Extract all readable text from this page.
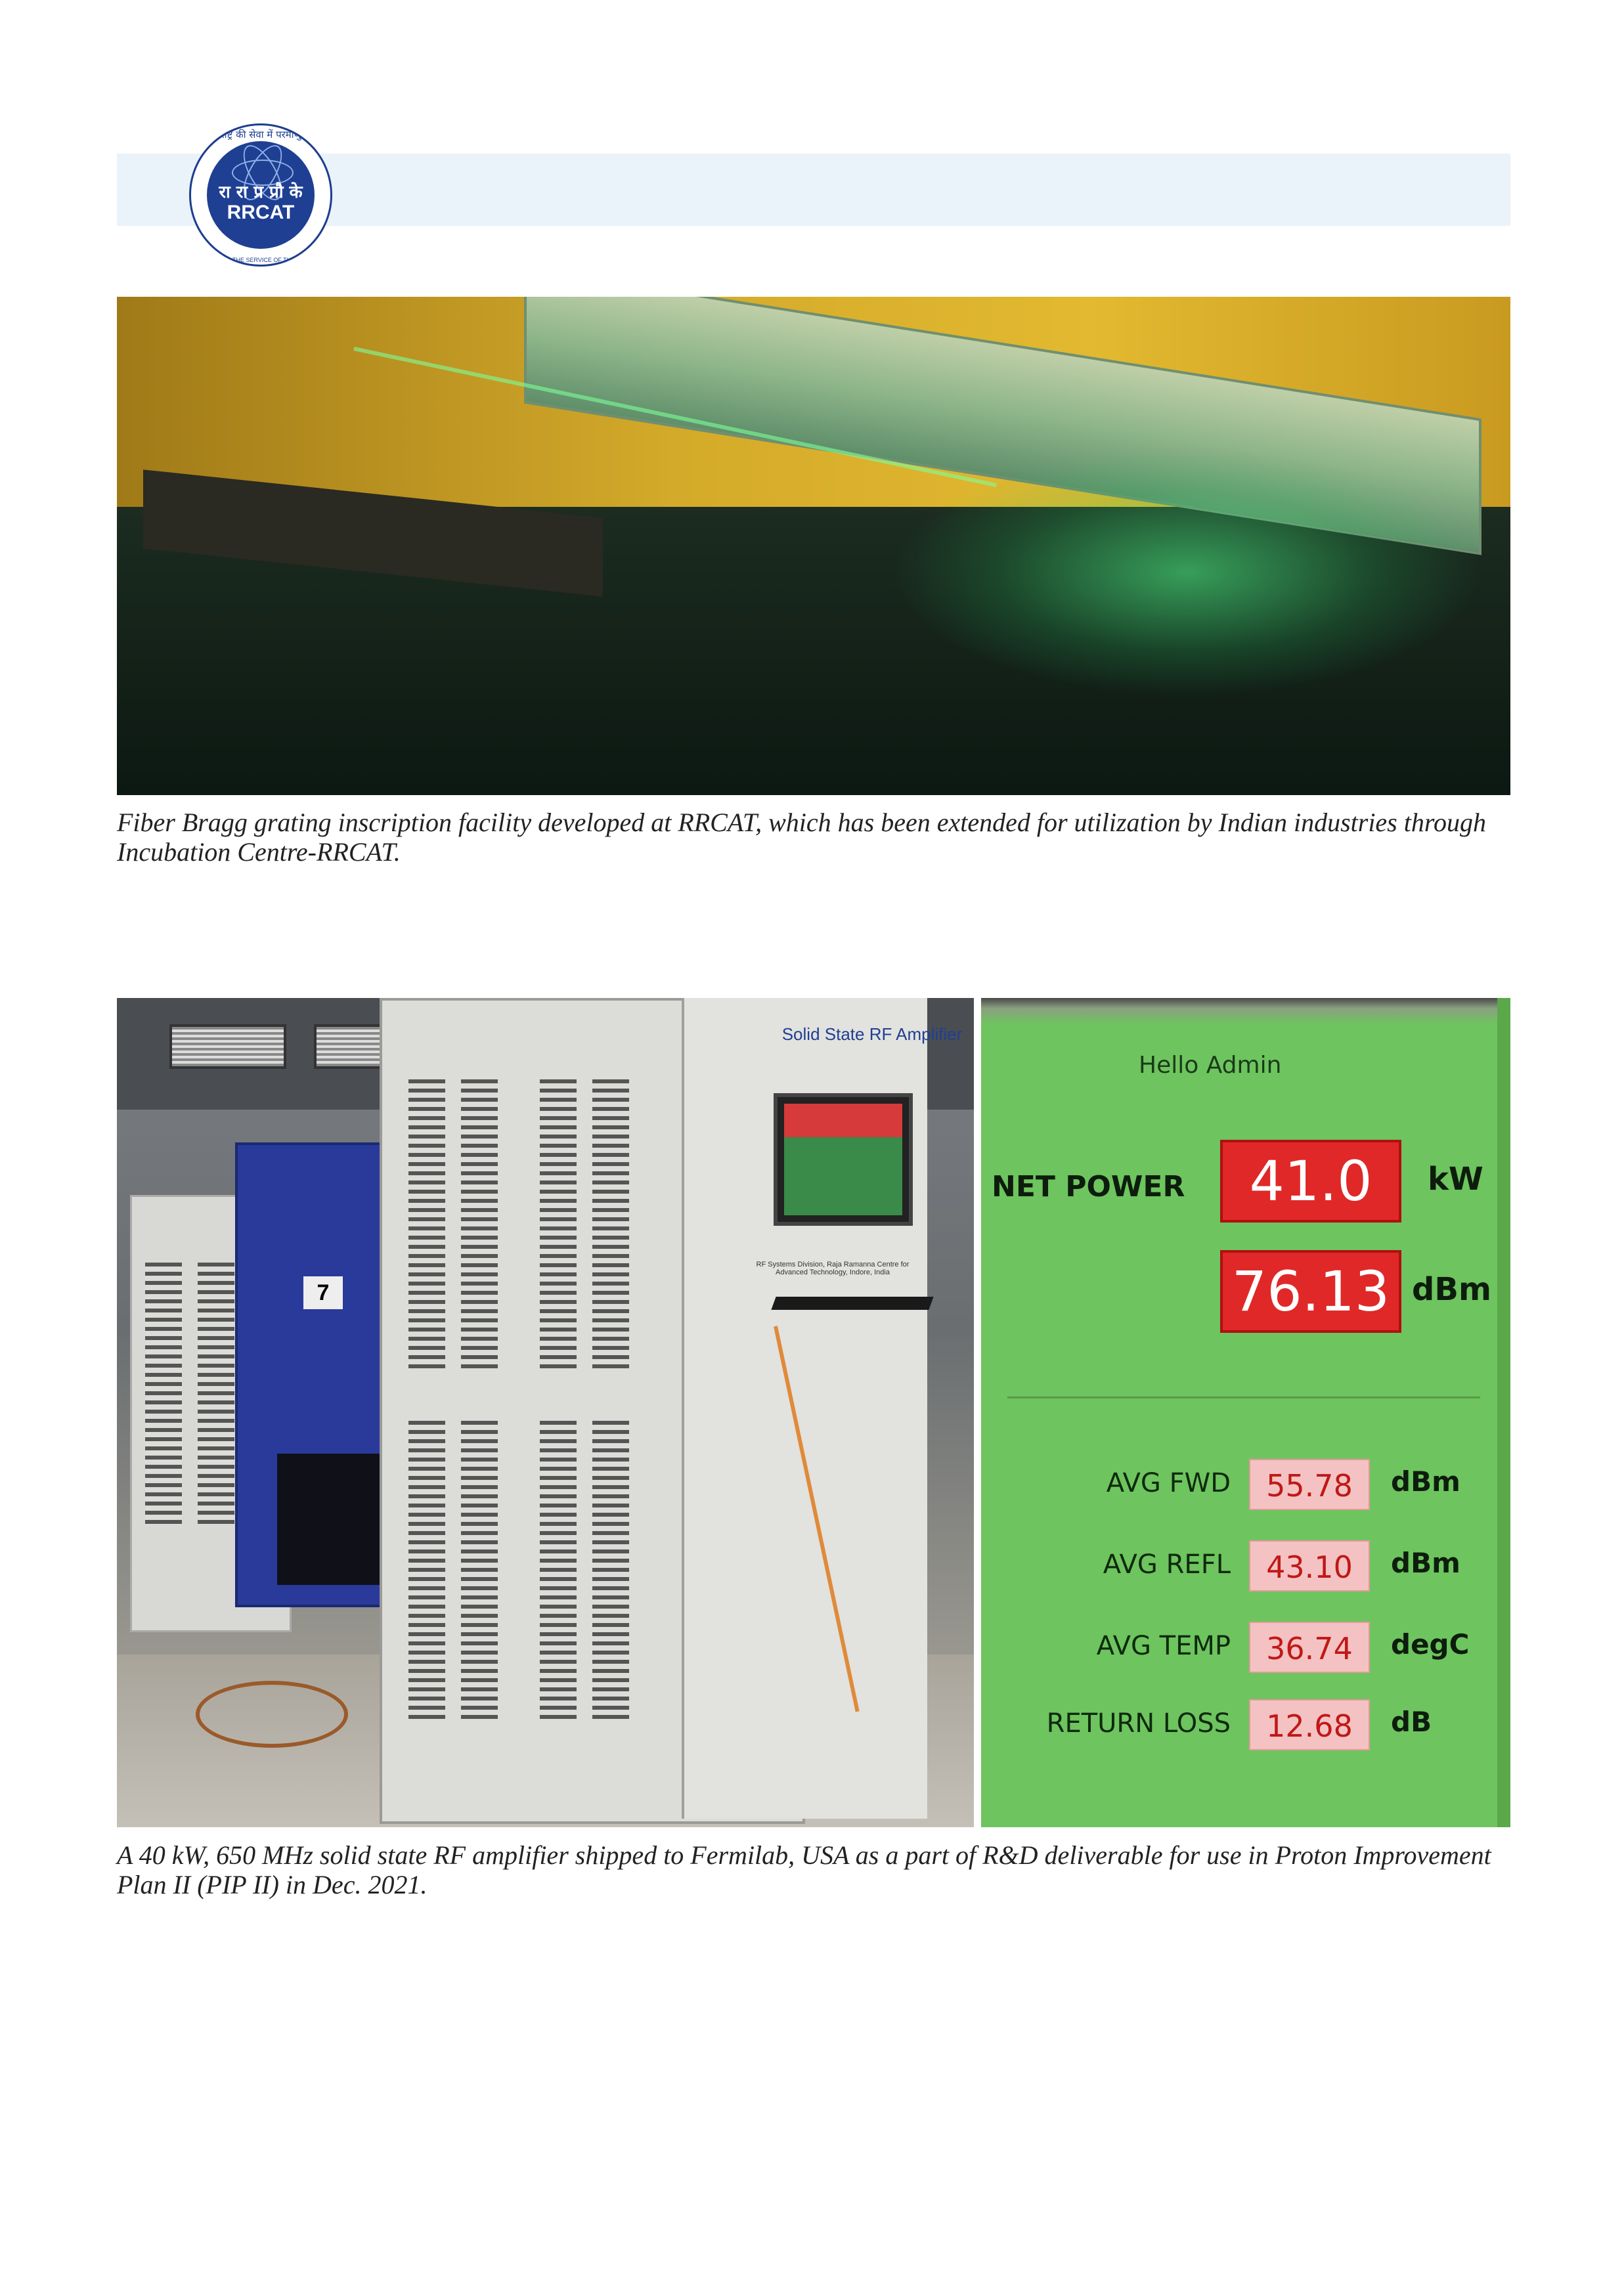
राष्ट्र की सेवा में परमाणु
रा रा प्र प्रौ के
RRCAT
ATOMS IN THE SERVICE OF THE NATION
Fiber Bragg grating inscription facility developed at RRCAT, which has been extended for utilization by Indian industries through Incubation Centre-RRCAT.
7
Solid State RF Amplifier
RF Systems Division, Raja Ramanna Centre for Advanced Technology, Indore, India
Hello Admin
NET POWER	41.0	kW
76.13 dBm
AVG FWD	55.78	dBm
AVG REFL	43.10	dBm
AVG TEMP	36.74	degC
RETURN LOSS	12.68	dB
A 40 kW, 650 MHz solid state RF amplifier shipped to Fermilab, USA as a part of R&D deliverable for use in Proton Improvement Plan II (PIP II) in Dec. 2021.
